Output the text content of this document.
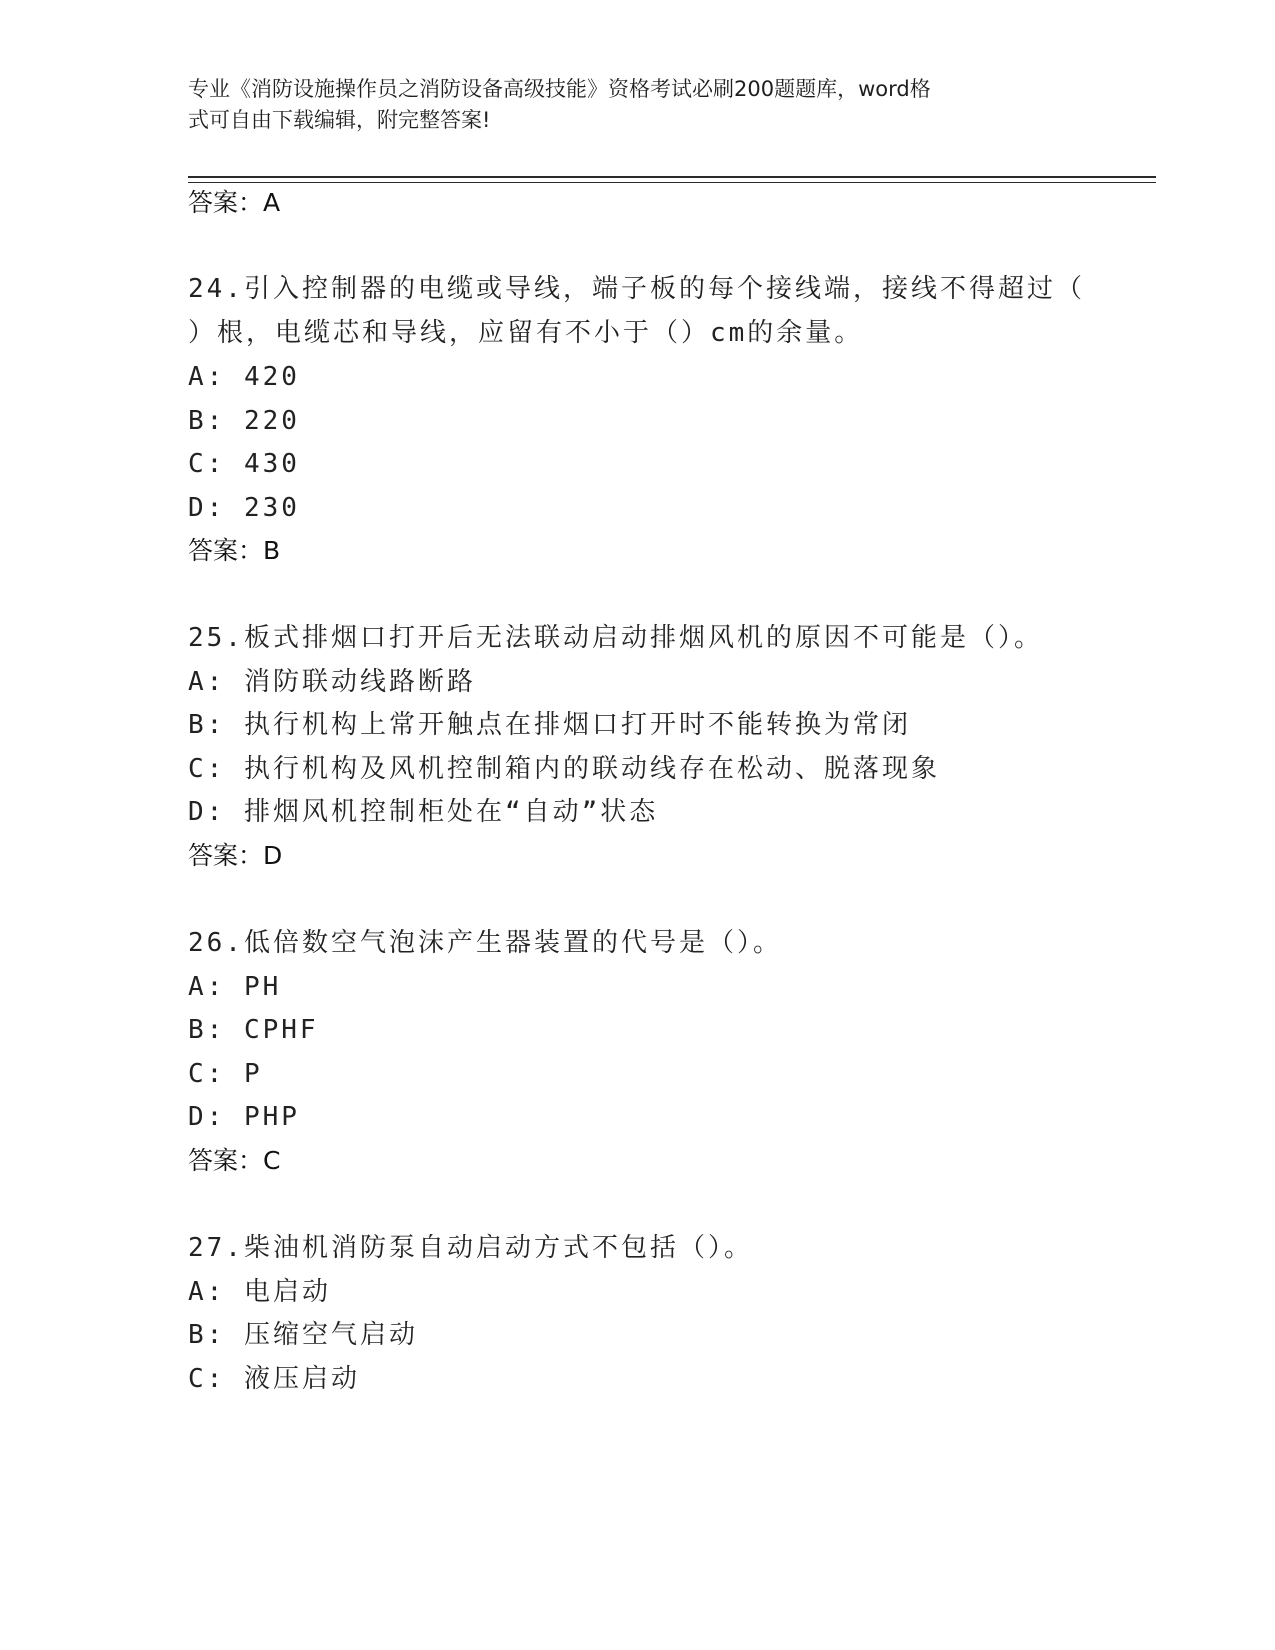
专业《消防设施操作员之消防设备高级技能》资格考试必刷200题题库，word格
式可自由下载编辑，附完整答案!
答案：A
24.引入控制器的电缆或导线，端子板的每个接线端，接线不得超过（
）根，电缆芯和导线，应留有不小于（）cm的余量。
A: 420
B: 220
C: 430
D: 230
答案：B
25.板式排烟口打开后无法联动启动排烟风机的原因不可能是（）。
A: 消防联动线路断路
B: 执行机构上常开触点在排烟口打开时不能转换为常闭
C: 执行机构及风机控制箱内的联动线存在松动、脱落现象
D: 排烟风机控制柜处在“自动”状态
答案：D
26.低倍数空气泡沫产生器装置的代号是（）。
A: PH
B: CPHF
C: P
D: PHP
答案：C
27.柴油机消防泵自动启动方式不包括（）。
A: 电启动
B: 压缩空气启动
C: 液压启动
